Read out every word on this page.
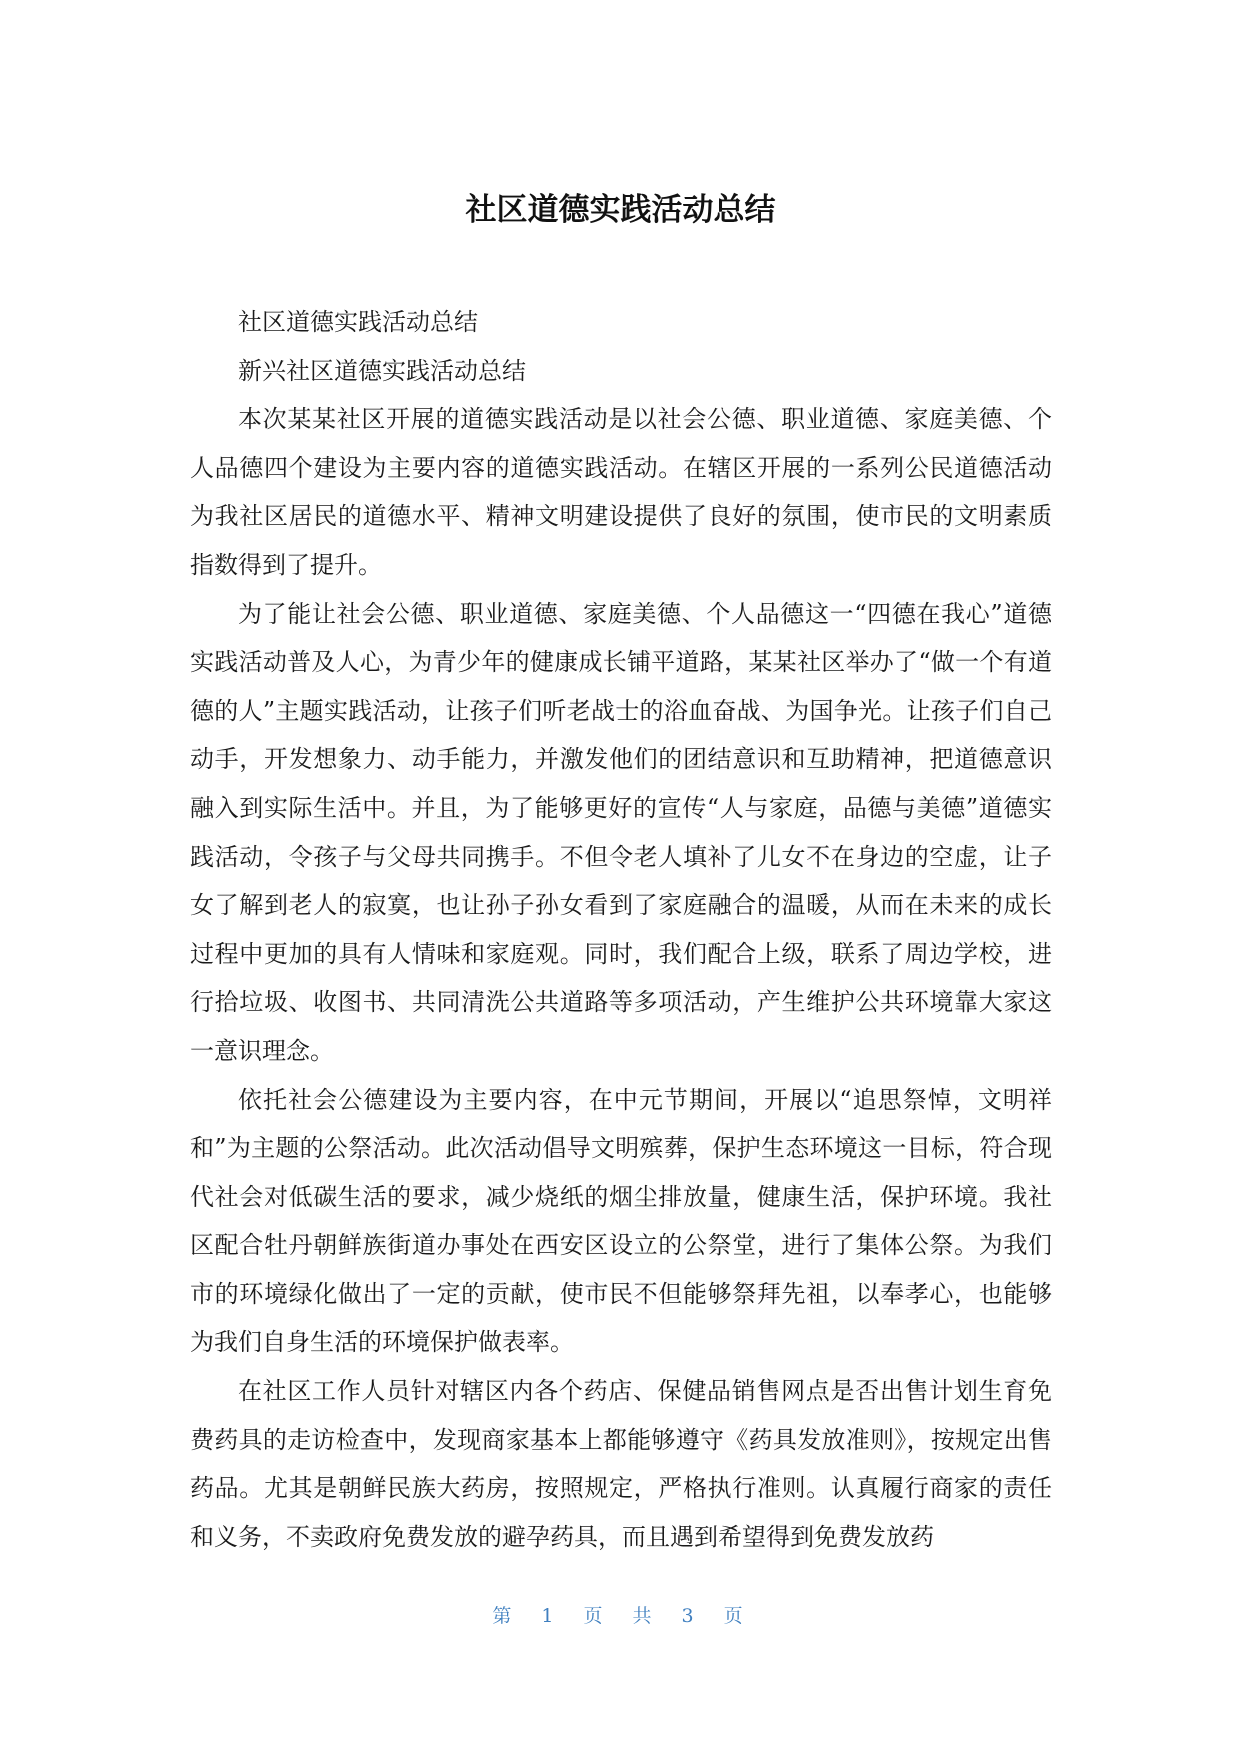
社区道德实践活动总结

社区道德实践活动总结

新兴社区道德实践活动总结

本次某某社区开展的道德实践活动是以社会公德、职业道德、家庭美德、个人品德四个建设为主要内容的道德实践活动。在辖区开展的一系列公民道德活动为我社区居民的道德水平、精神文明建设提供了良好的氛围，使市民的文明素质指数得到了提升。

为了能让社会公德、职业道德、家庭美德、个人品德这一“四德在我心”道德实践活动普及人心，为青少年的健康成长铺平道路，某某社区举办了“做一个有道德的人”主题实践活动，让孩子们听老战士的浴血奋战、为国争光。让孩子们自己动手，开发想象力、动手能力，并激发他们的团结意识和互助精神，把道德意识融入到实际生活中。并且，为了能够更好的宣传“人与家庭，品德与美德”道德实践活动，令孩子与父母共同携手。不但令老人填补了儿女不在身边的空虚，让子女了解到老人的寂寞，也让孙子孙女看到了家庭融合的温暖，从而在未来的成长过程中更加的具有人情味和家庭观。同时，我们配合上级，联系了周边学校，进行拾垃圾、收图书、共同清洗公共道路等多项活动，产生维护公共环境靠大家这一意识理念。

依托社会公德建设为主要内容，在中元节期间，开展以“追思祭悼，文明祥和”为主题的公祭活动。此次活动倡导文明殡葬，保护生态环境这一目标，符合现代社会对低碳生活的要求，减少烧纸的烟尘排放量，健康生活，保护环境。我社区配合牡丹朝鲜族街道办事处在西安区设立的公祭堂，进行了集体公祭。为我们市的环境绿化做出了一定的贡献，使市民不但能够祭拜先祖，以奉孝心，也能够为我们自身生活的环境保护做表率。

在社区工作人员针对辖区内各个药店、保健品销售网点是否出售计划生育免费药具的走访检查中，发现商家基本上都能够遵守《药具发放准则》，按规定出售药品。尤其是朝鲜民族大药房，按照规定，严格执行准则。认真履行商家的责任和义务，不卖政府免费发放的避孕药具，而且遇到希望得到免费发放药

第 1 页 共 3 页
